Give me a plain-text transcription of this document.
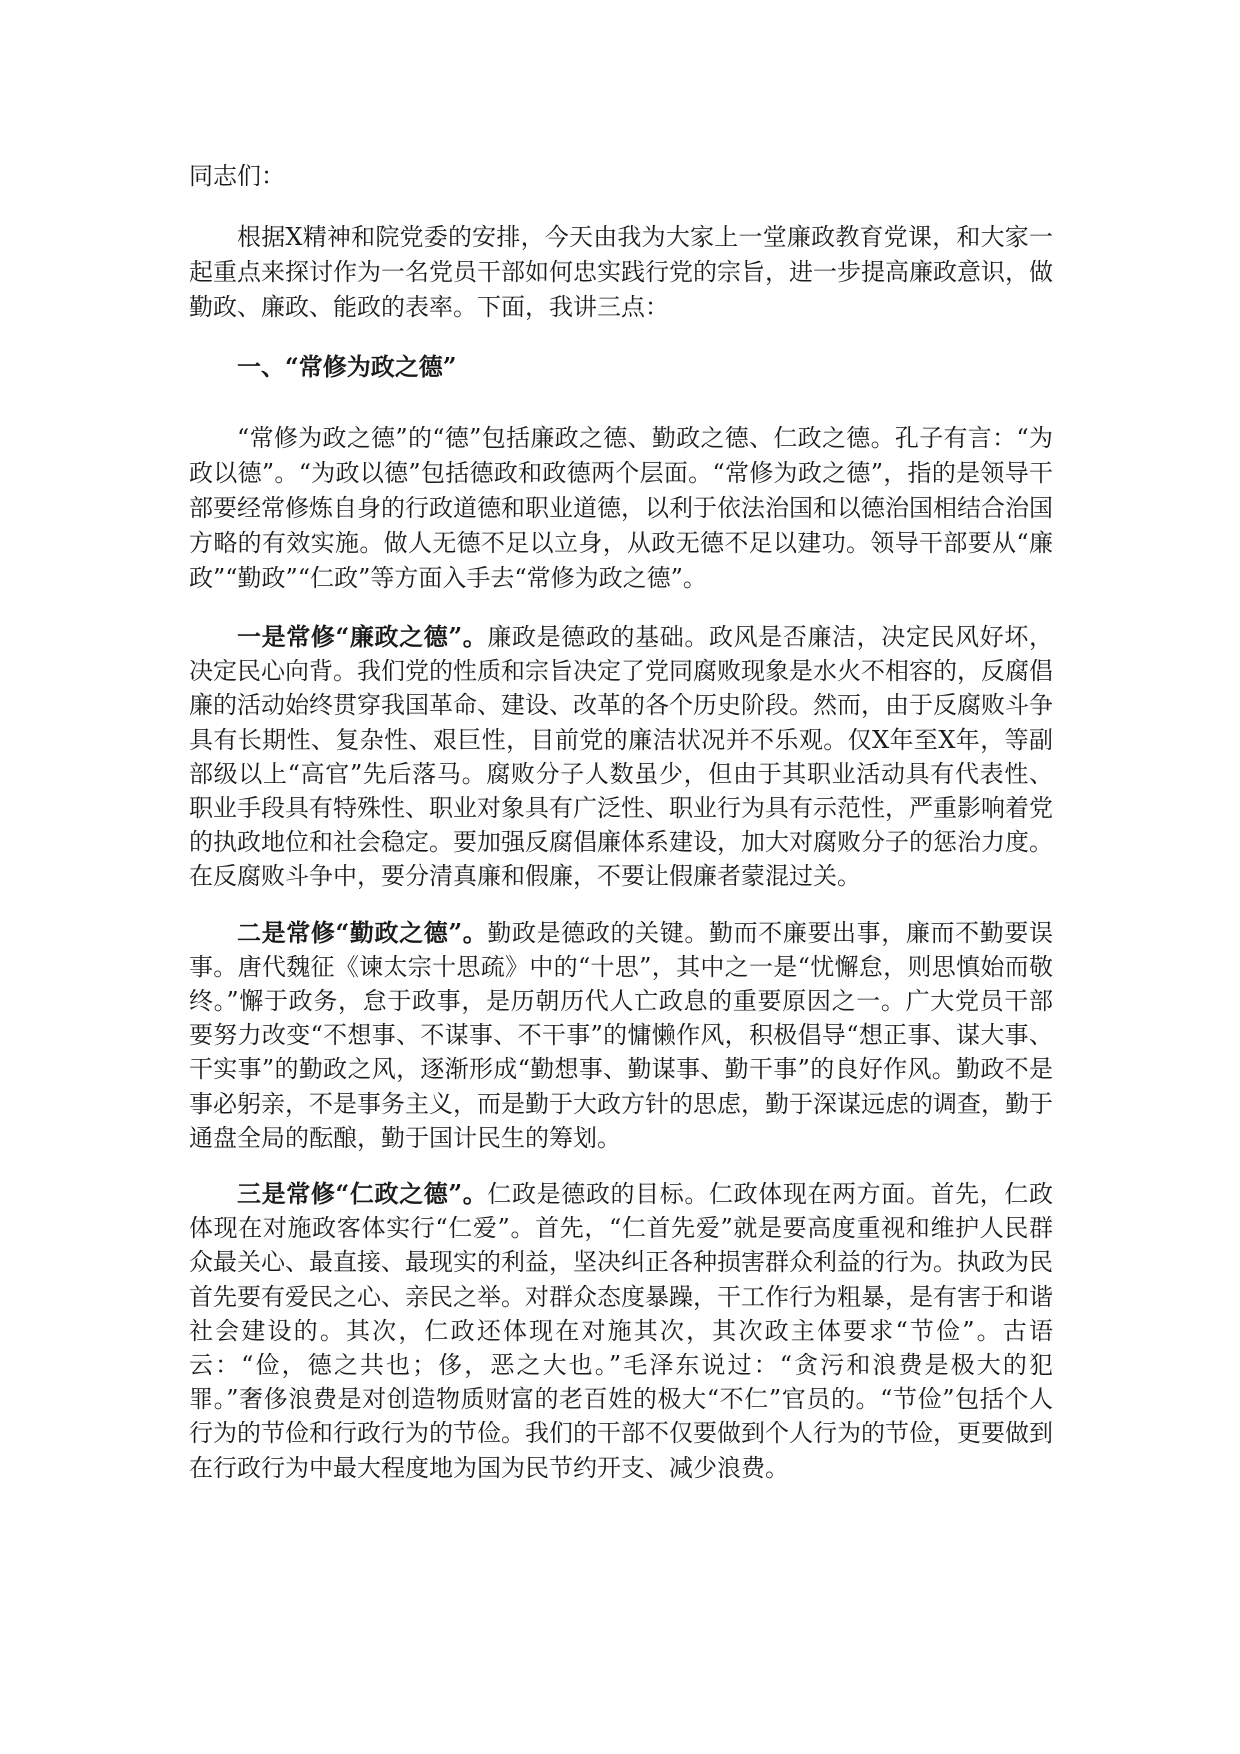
同志们：

根据X精神和院党委的安排，今天由我为大家上一堂廉政教育党课，和大家一起重点来探讨作为一名党员干部如何忠实践行党的宗旨，进一步提高廉政意识，做勤政、廉政、能政的表率。下面，我讲三点：

一、“常修为政之德”

“常修为政之德”的“德”包括廉政之德、勤政之德、仁政之德。孔子有言：“为政以德”。“为政以德”包括德政和政德两个层面。“常修为政之德”，指的是领导干部要经常修炼自身的行政道德和职业道德，以利于依法治国和以德治国相结合治国方略的有效实施。做人无德不足以立身，从政无德不足以建功。领导干部要从“廉政”“勤政”“仁政”等方面入手去“常修为政之德”。

一是常修“廉政之德”。廉政是德政的基础。政风是否廉洁，决定民风好坏，决定民心向背。我们党的性质和宗旨决定了党同腐败现象是水火不相容的，反腐倡廉的活动始终贯穿我国革命、建设、改革的各个历史阶段。然而，由于反腐败斗争具有长期性、复杂性、艰巨性，目前党的廉洁状况并不乐观。仅X年至X年，等副部级以上“高官”先后落马。腐败分子人数虽少，但由于其职业活动具有代表性、职业手段具有特殊性、职业对象具有广泛性、职业行为具有示范性，严重影响着党的执政地位和社会稳定。要加强反腐倡廉体系建设，加大对腐败分子的惩治力度。在反腐败斗争中，要分清真廉和假廉，不要让假廉者蒙混过关。

二是常修“勤政之德”。勤政是德政的关键。勤而不廉要出事，廉而不勤要误事。唐代魏征《谏太宗十思疏》中的“十思”，其中之一是“忧懈怠，则思慎始而敬终。”懈于政务，怠于政事，是历朝历代人亡政息的重要原因之一。广大党员干部要努力改变“不想事、不谋事、不干事”的慵懒作风，积极倡导“想正事、谋大事、干实事”的勤政之风，逐渐形成“勤想事、勤谋事、勤干事”的良好作风。勤政不是事必躬亲，不是事务主义，而是勤于大政方针的思虑，勤于深谋远虑的调查，勤于通盘全局的酝酿，勤于国计民生的筹划。

三是常修“仁政之德”。仁政是德政的目标。仁政体现在两方面。首先，仁政体现在对施政客体实行“仁爱”。首先，“仁首先爱”就是要高度重视和维护人民群众最关心、最直接、最现实的利益，坚决纠正各种损害群众利益的行为。执政为民首先要有爱民之心、亲民之举。对群众态度暴躁，干工作行为粗暴，是有害于和谐社会建设的。其次，仁政还体现在对施其次，其次政主体要求“节俭”。古语云：“俭，德之共也；侈，恶之大也。”毛泽东说过：“贪污和浪费是极大的犯罪。”奢侈浪费是对创造物质财富的老百姓的极大“不仁”官员的。“节俭”包括个人行为的节俭和行政行为的节俭。我们的干部不仅要做到个人行为的节俭，更要做到在行政行为中最大程度地为国为民节约开支、减少浪费。
